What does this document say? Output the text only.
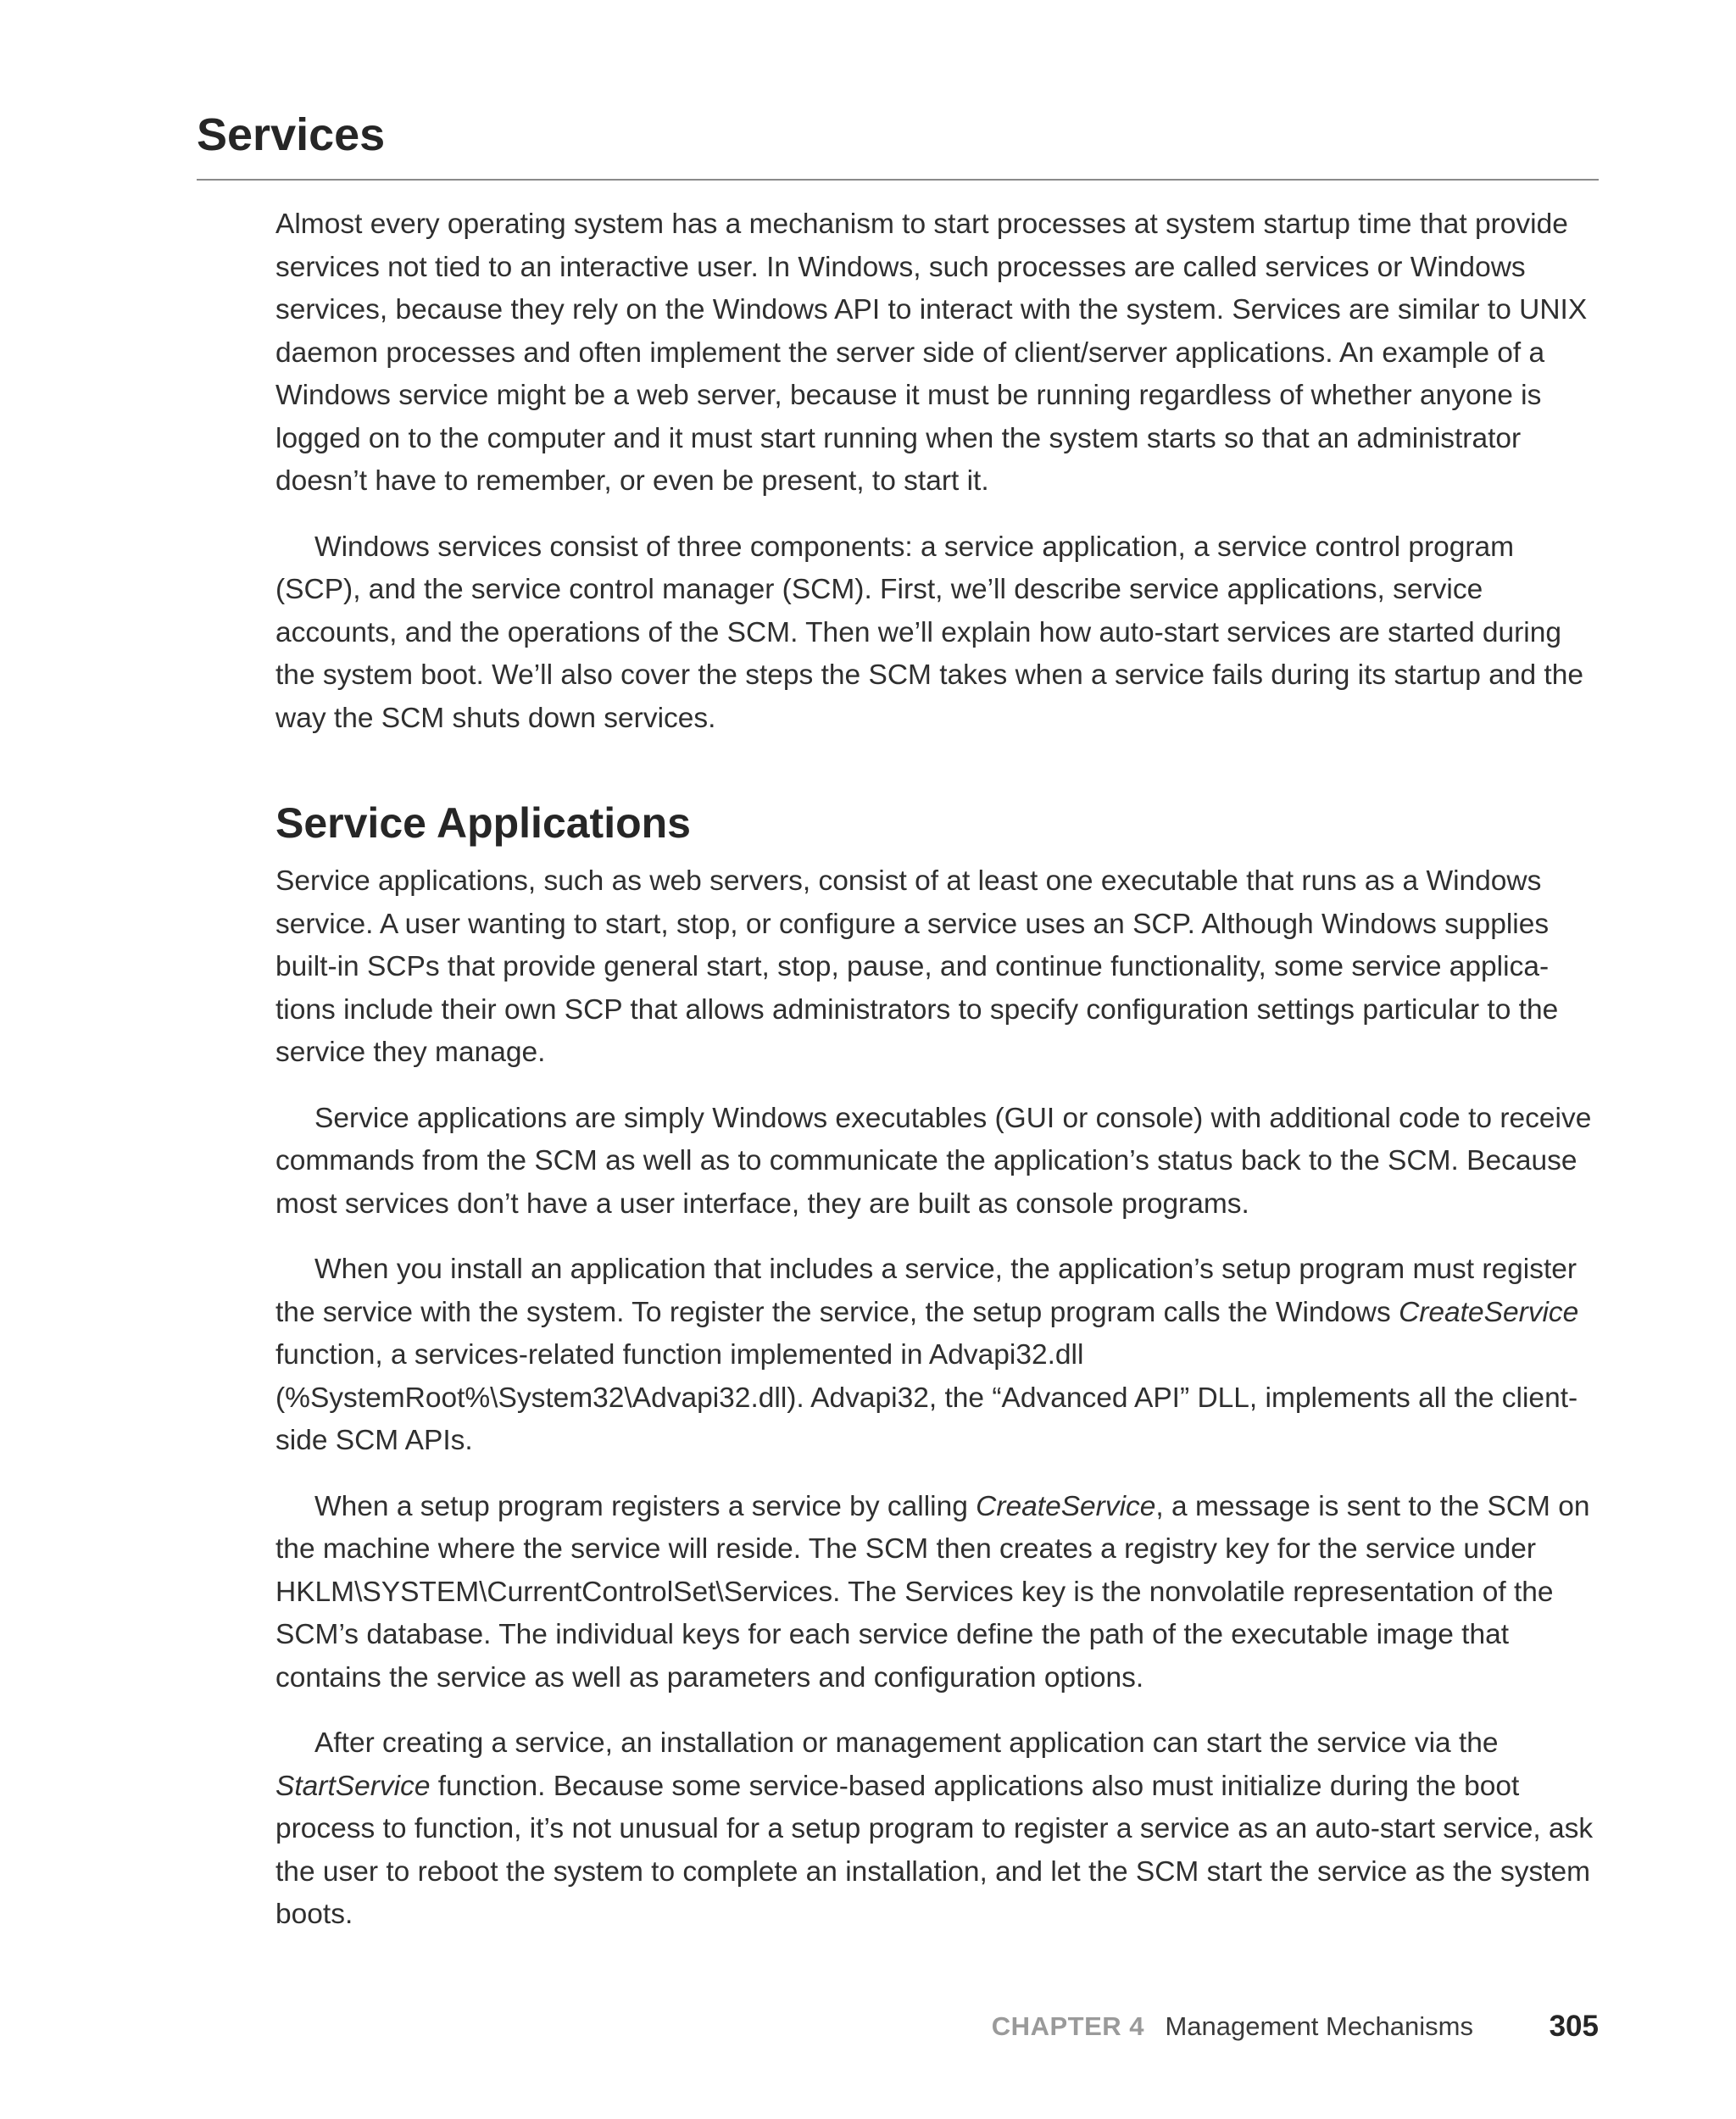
Services

Almost every operating system has a mechanism to start processes at system startup time that provide services not tied to an interactive user. In Windows, such processes are called services or Windows services, because they rely on the Windows API to interact with the system. Services are similar to UNIX daemon processes and often implement the server side of client/server applications. An example of a Windows service might be a web server, because it must be running regardless of whether anyone is logged on to the computer and it must start running when the system starts so that an administrator doesn’t have to remember, or even be present, to start it.

Windows services consist of three components: a service application, a service control program (SCP), and the service control manager (SCM). First, we’ll describe service applications, service accounts, and the operations of the SCM. Then we’ll explain how auto-start services are started during the system boot. We’ll also cover the steps the SCM takes when a service fails during its startup and the way the SCM shuts down services.

Service Applications

Service applications, such as web servers, consist of at least one executable that runs as a Windows service. A user wanting to start, stop, or configure a service uses an SCP. Although Windows supplies built-in SCPs that provide general start, stop, pause, and continue functionality, some service applica-tions include their own SCP that allows administrators to specify configuration settings particular to the service they manage.

Service applications are simply Windows executables (GUI or console) with additional code to receive commands from the SCM as well as to communicate the application’s status back to the SCM. Because most services don’t have a user interface, they are built as console programs.

When you install an application that includes a service, the application’s setup program must register the service with the system. To register the service, the setup program calls the Windows CreateService function, a services-related function implemented in Advapi32.dll (%SystemRoot%\System32\Advapi32.dll). Advapi32, the “Advanced API” DLL, implements all the client-side SCM APIs.

When a setup program registers a service by calling CreateService, a message is sent to the SCM on the machine where the service will reside. The SCM then creates a registry key for the service under HKLM\SYSTEM\CurrentControlSet\Services. The Services key is the nonvolatile representation of the SCM’s database. The individual keys for each service define the path of the executable image that contains the service as well as parameters and configuration options.

After creating a service, an installation or management application can start the service via the StartService function. Because some service-based applications also must initialize during the boot process to function, it’s not unusual for a setup program to register a service as an auto-start service, ask the user to reboot the system to complete an installation, and let the SCM start the service as the system boots.

CHAPTER 4 Management Mechanisms	305
